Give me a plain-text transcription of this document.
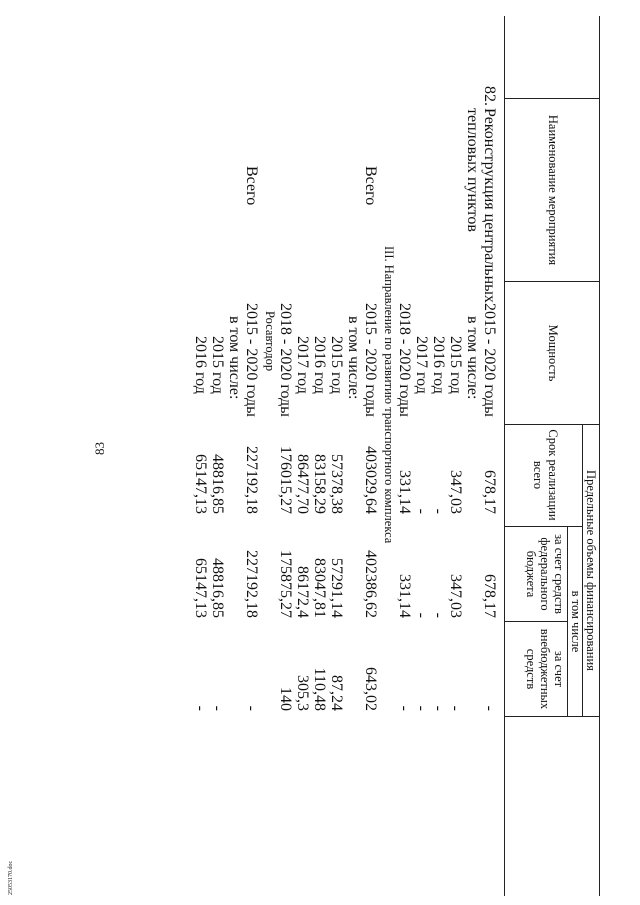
83
25053170.doc
Наименование мероприятия
Мощность
Срок реализации Предельные объемы финансирования
всего
в том числе
за счет средств федерального бюджета
за счет внебюджетных средств
82.
Реконструкция центральных
2015 - 2020 годы
678,17
678,17
-
тепловых пунктов
в том числе:
2015 год
347,03
347,03
-
2016 год
-
-
-
2017 год
-
-
-
2018 - 2020 годы
331,14
331,14
-
III. Направление по развитию транспортного комплекса
Всего
2015 - 2020 годы
403029,64
402386,62
643,02
в том числе:
2015 год
57378,38
57291,14
87,24
2016 год
83158,29
83047,81
110,48
2017 год
86477,70
86172,4
305,3
2018 - 2020 годы
176015,27
175875,27
140
Росавтодор
Всего
2015 - 2020 годы
227192,18
227192,18
-
в том числе:
2015 год
48816,85
48816,85
-
2016 год
65147,13
65147,13
-
